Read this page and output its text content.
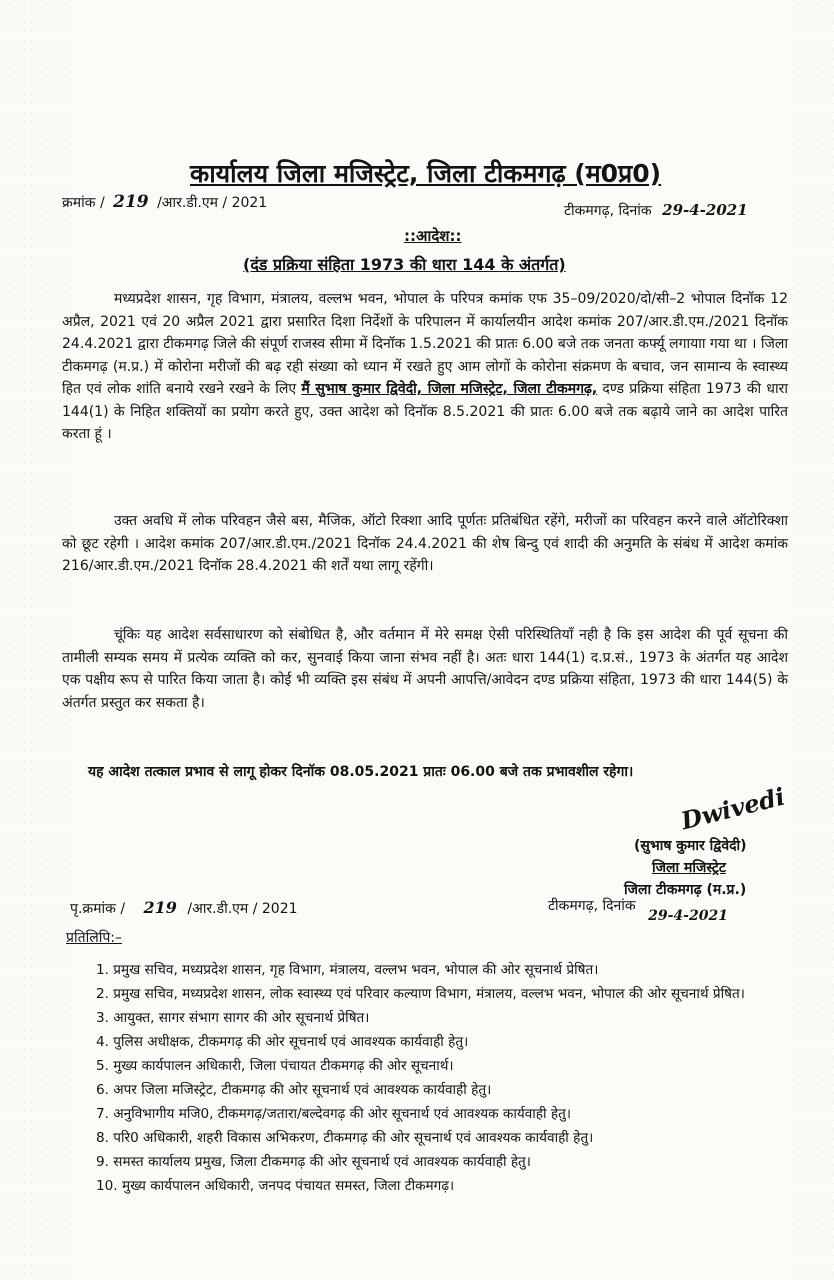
कार्यालय जिला मजिस्ट्रेट, जिला टीकमगढ़ (म0प्र0)
क्रमांक / 219 /आर.डी.एम / 2021	टीकमगढ़, दिनांक 29-4-2021
::आदेश::
(दंड प्रक्रिया संहिता 1973 की धारा 144 के अंतर्गत)
मध्यप्रदेश शासन, गृह विभाग, मंत्रालय, वल्लभ भवन, भोपाल के परिपत्र कमांक एफ 35–09/2020/दो/सी–2 भोपाल दिनॉक 12 अप्रैल, 2021 एवं 20 अप्रैल 2021 द्वारा प्रसारित दिशा निर्देशों के परिपालन में कार्यालयीन आदेश कमांक 207/आर.डी.एम./2021 दिनॉक 24.4.2021 द्वारा टीकमगढ़ जिले की संपूर्ण राजस्व सीमा में दिनॉक 1.5.2021 की प्रातः 6.00 बजे तक जनता कर्फ्यू लगायाा गया था । जिला टीकमगढ़ (म.प्र.) में कोरोना मरीजों की बढ़ रही संख्या को ध्यान में रखते हुए आम लोगों के कोरोना संक्रमण के बचाव, जन सामान्य के स्वास्थ्य हित एवं लोक शांति बनाये रखने रखने के लिए मैं सुभाष कुमार द्विवेदी, जिला मजिस्ट्रेट, जिला टीकमगढ़, दण्ड प्रक्रिया संहिता 1973 की धारा 144(1) के निहित शक्तियों का प्रयोग करते हुए, उक्त आदेश को दिनॉक 8.5.2021 की प्रातः 6.00 बजे तक बढ़ाये जाने का आदेश पारित करता हूं ।
उक्त अवधि में लोक परिवहन जैसे बस, मैजिक, ऑटो रिक्शा आदि पूर्णतः प्रतिबंधित रहेंगे, मरीजों का परिवहन करने वाले ऑटोरिक्शा को छूट रहेगी । आदेश कमांक 207/आर.डी.एम./2021 दिनॉक 24.4.2021 की शेष बिन्दु एवं शादी की अनुमति के संबंध में आदेश कमांक 216/आर.डी.एम./2021 दिनॉक 28.4.2021 की शर्तें यथा लागू रहेंगी।
चूंकिः यह आदेश सर्वसाधारण को संबोधित है, और वर्तमान में मेरे समक्ष ऐसी परिस्थितियॉं नही है कि इस आदेश की पूर्व सूचना की तामीली सम्यक समय में प्रत्येक व्यक्ति को कर, सुनवाई किया जाना संभव नहीं है। अतः धारा 144(1) द.प्र.सं., 1973 के अंतर्गत यह आदेश एक पक्षीय रूप से पारित किया जाता है। कोई भी व्यक्ति इस संबंध में अपनी आपत्ति/आवेदन दण्ड प्रक्रिया संहिता, 1973 की धारा 144(5) के अंतर्गत प्रस्तुत कर सकता है।
यह आदेश तत्काल प्रभाव से लागू होकर दिनॉक 08.05.2021 प्रातः 06.00 बजे तक प्रभावशील रहेगा।
Dwivedi
(सुभाष कुमार द्विवेदी)
जिला मजिस्ट्रेट
जिला टीकमगढ़ (म.प्र.)
पृ.क्रमांक / 219 /आर.डी.एम / 2021	टीकमगढ़, दिनांक 29-4-2021
प्रतिलिपि:–
1. प्रमुख सचिव, मध्यप्रदेश शासन, गृह विभाग, मंत्रालय, वल्लभ भवन, भोपाल की ओर सूचनार्थ प्रेषित।
2. प्रमुख सचिव, मध्यप्रदेश शासन, लोक स्वास्थ्य एवं परिवार कल्याण विभाग, मंत्रालय, वल्लभ भवन, भोपाल की ओर सूचनार्थ प्रेषित।
3. आयुक्त, सागर संभाग सागर की ओर सूचनार्थ प्रेषित।
4. पुलिस अधीक्षक, टीकमगढ़ की ओर सूचनार्थ एवं आवश्यक कार्यवाही हेतु।
5. मुख्य कार्यपालन अधिकारी, जिला पंचायत टीकमगढ़ की ओर सूचनार्थ।
6. अपर जिला मजिस्ट्रेट, टीकमगढ़ की ओर सूचनार्थ एवं आवश्यक कार्यवाही हेतु।
7. अनुविभागीय मजि0, टीकमगढ़/जतारा/बल्देवगढ़ की ओर सूचनार्थ एवं आवश्यक कार्यवाही हेतु।
8. परि0 अधिकारी, शहरी विकास अभिकरण, टीकमगढ़ की ओर सूचनार्थ एवं आवश्यक कार्यवाही हेतु।
9. समस्त कार्यालय प्रमुख, जिला टीकमगढ़ की ओर सूचनार्थ एवं आवश्यक कार्यवाही हेतु।
10. मुख्य कार्यपालन अधिकारी, जनपद पंचायत समस्त, जिला टीकमगढ़।
